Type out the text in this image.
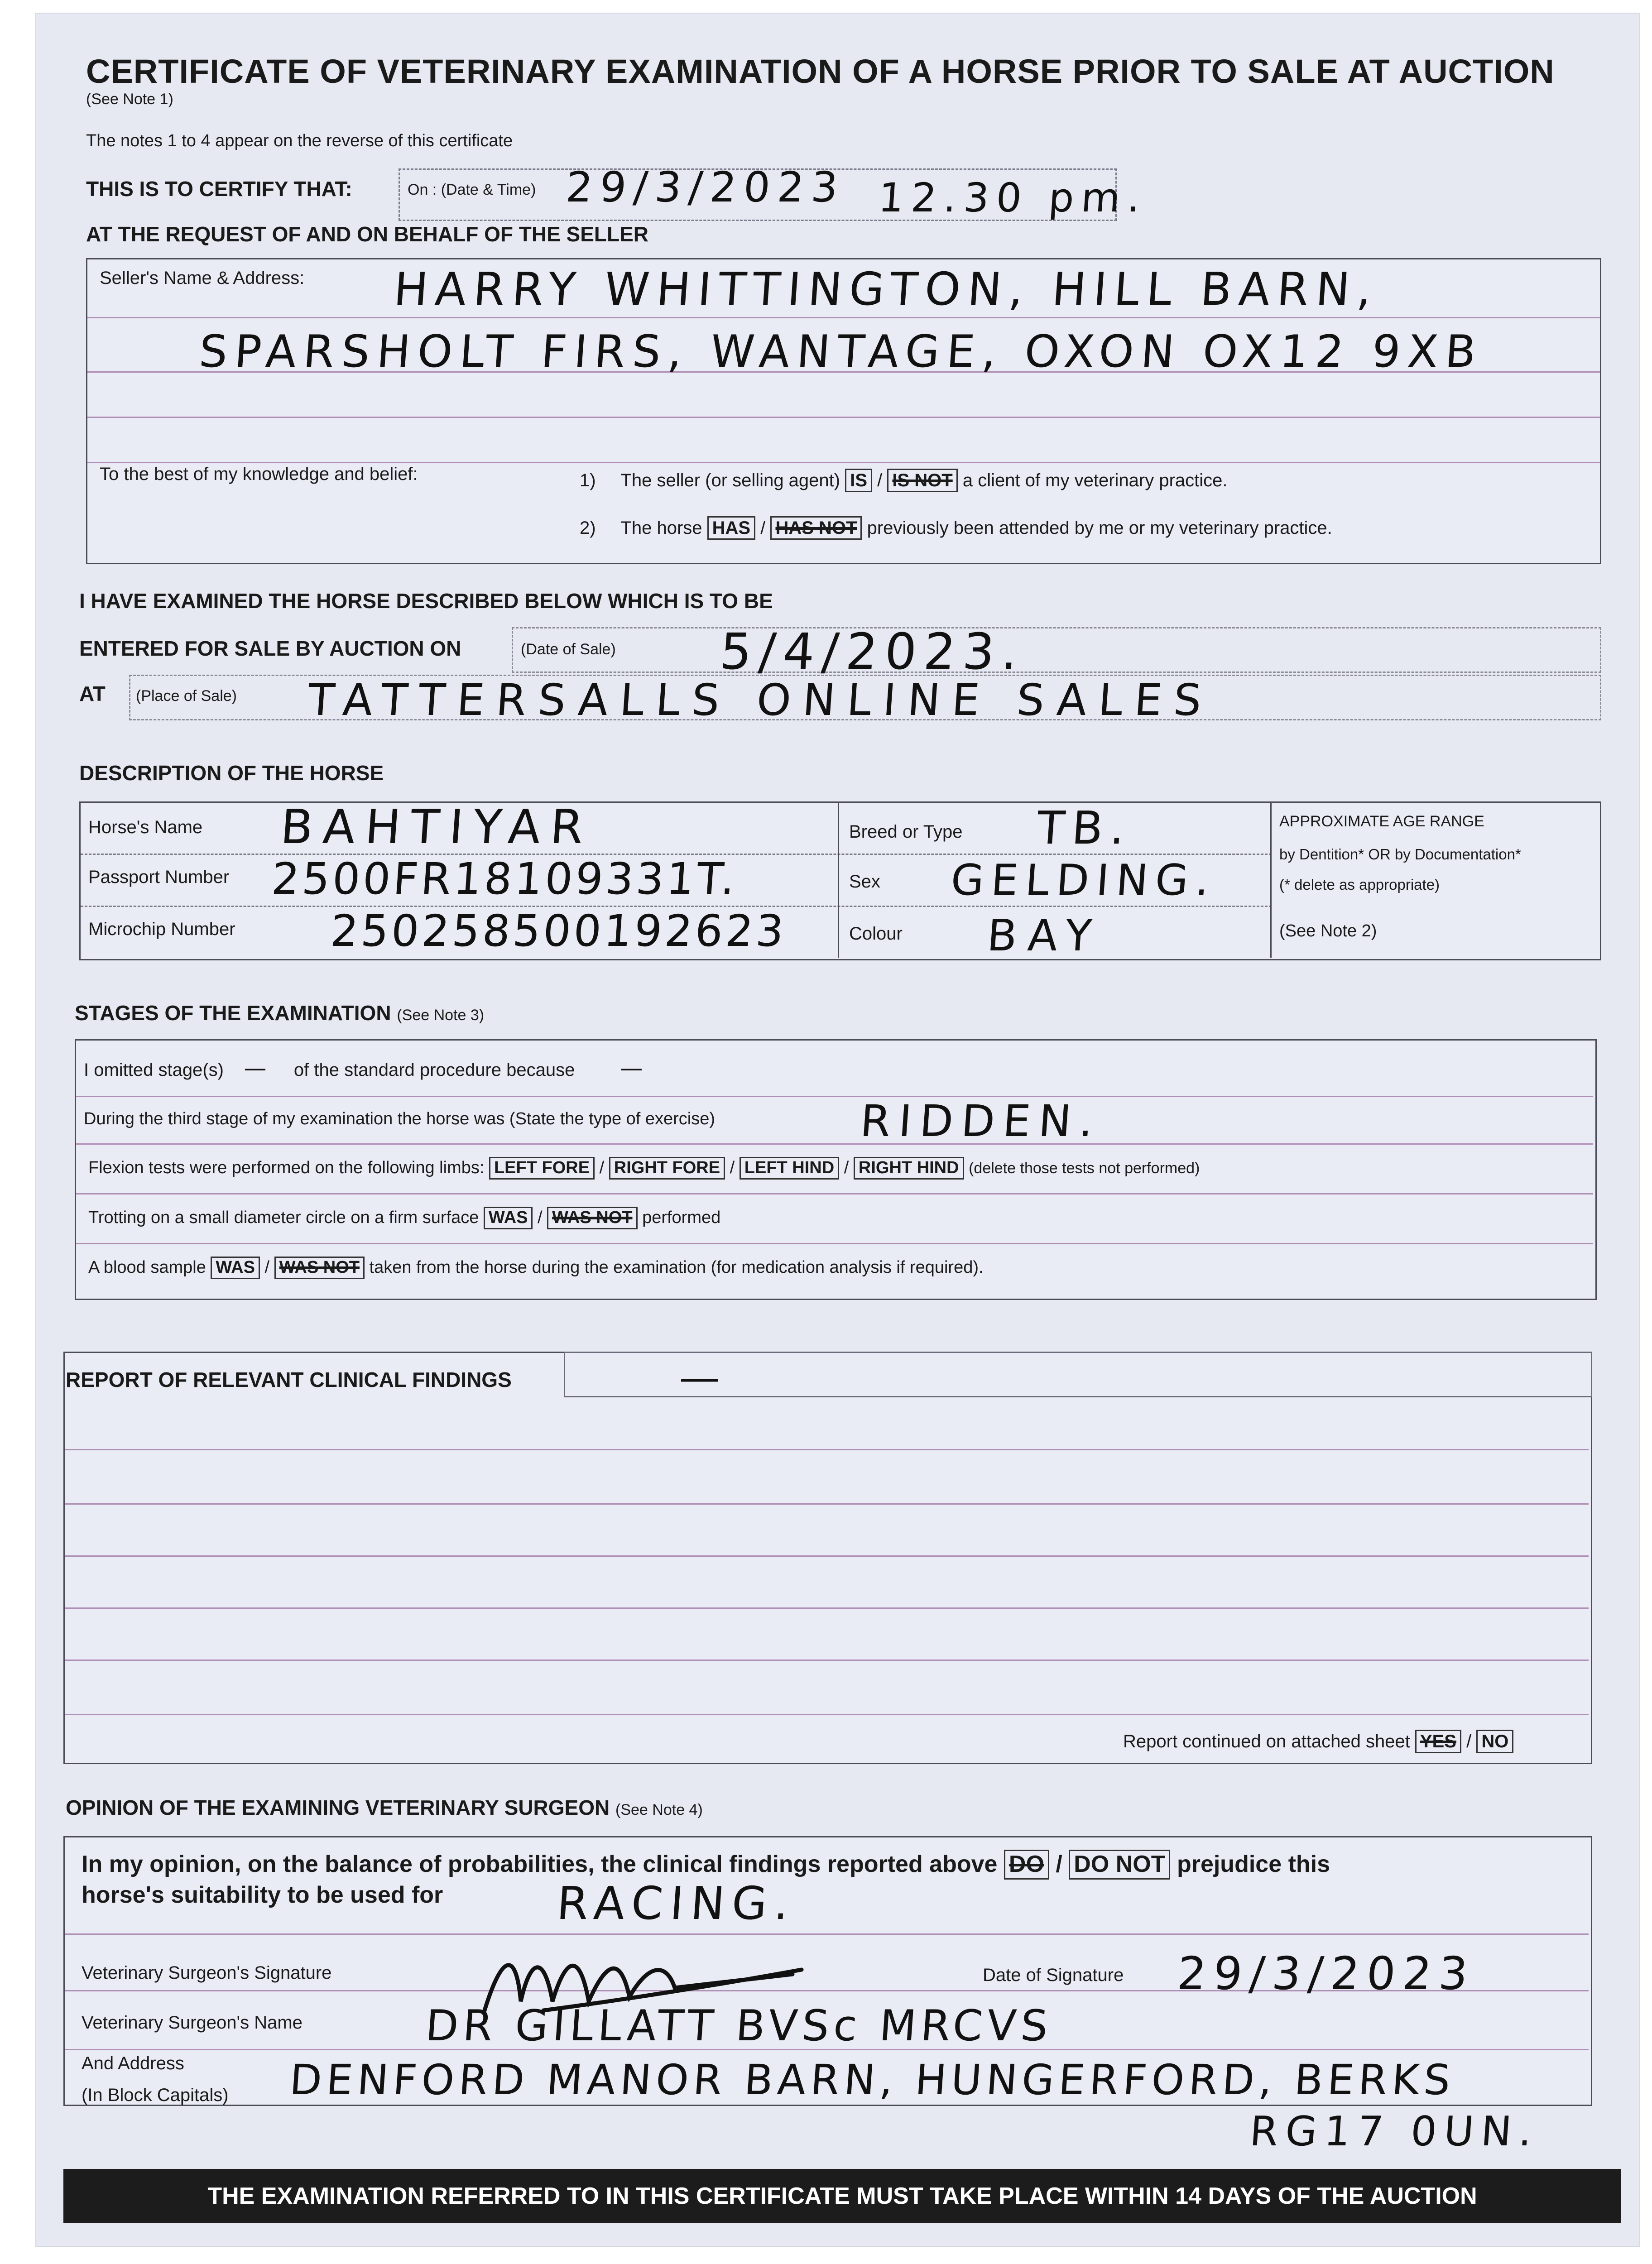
CERTIFICATE OF VETERINARY EXAMINATION OF A HORSE PRIOR TO SALE AT AUCTION
(See Note 1)
The notes 1 to 4 appear on the reverse of this certificate
THIS IS TO CERTIFY THAT:	On : (Date & Time) 29/3/2023 12.30 pm.
AT THE REQUEST OF AND ON BEHALF OF THE SELLER
Seller's Name & Address: HARRY WHITTINGTON, HILL BARN,
SPARSHOLT FIRS, WANTAGE, OXON OX12 9XB
To the best of my knowledge and belief:	1) The seller (or selling agent) IS / IS NOT a client of my veterinary practice.
2) The horse HAS / HAS NOT previously been attended by me or my veterinary practice.
I HAVE EXAMINED THE HORSE DESCRIBED BELOW WHICH IS TO BE
ENTERED FOR SALE BY AUCTION ON	(Date of Sale) 5/4/2023.
AT (Place of Sale) TATTERSALLS ONLINE SALES
DESCRIPTION OF THE HORSE
Horse's Name BAHTIYAR
Passport Number 2500FR18109331T.
Microchip Number 250258500192623
Breed or Type TB.
Sex GELDING.
Colour BAY
APPROXIMATE AGE RANGE
by Dentition* OR by Documentation*
(* delete as appropriate)
(See Note 2)
STAGES OF THE EXAMINATION (See Note 3)
I omitted stage(s) — of the standard procedure because —
During the third stage of my examination the horse was (State the type of exercise)	RIDDEN.
Flexion tests were performed on the following limbs: LEFT FORE / RIGHT FORE / LEFT HIND / RIGHT HIND (delete those tests not performed)
Trotting on a small diameter circle on a firm surface WAS / WAS NOT performed
A blood sample WAS / WAS NOT taken from the horse during the examination (for medication analysis if required).
REPORT OF RELEVANT CLINICAL FINDINGS	—
Report continued on attached sheet YES / NO
OPINION OF THE EXAMINING VETERINARY SURGEON (See Note 4)
In my opinion, on the balance of probabilities, the clinical findings reported above DO / DO NOT prejudice this
horse's suitability to be used for RACING.
Veterinary Surgeon's Signature	Date of Signature 29/3/2023
Veterinary Surgeon's Name	DR GILLATT BVSc MRCVS
And Address
(In Block Capitals) DENFORD MANOR BARN, HUNGERFORD, BERKS
RG17 0UN.
THE EXAMINATION REFERRED TO IN THIS CERTIFICATE MUST TAKE PLACE WITHIN 14 DAYS OF THE AUCTION
